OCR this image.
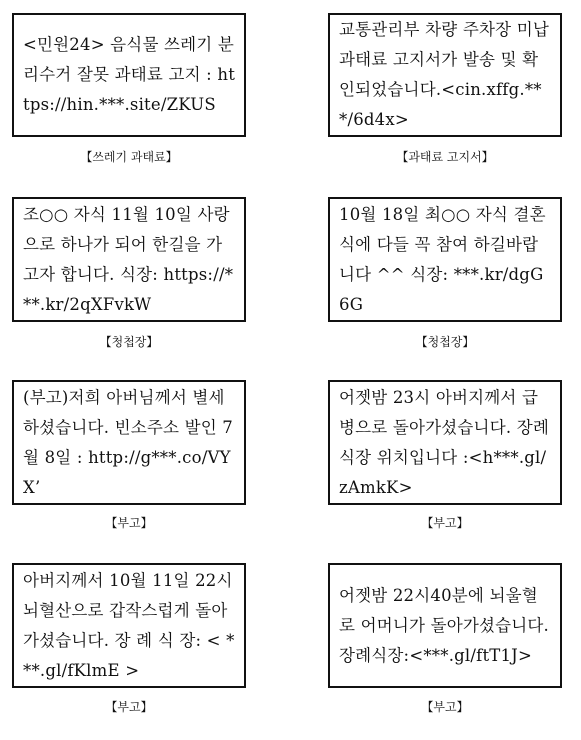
<민원24> 음식물 쓰레기 분리수거 잘못 과태료 고지 : https://hin.***.site/ZKUS
【쓰레기 과태료】
교통관리부 차량 주차장 미납 과태료 고지서가 발송 및 확인되었습니다.<cin.xffg.***/6d4x>
【과태료 고지서】
조○○ 자식 11월 10일 사랑으로 하나가 되어 한길을 가고자 합니다. 식장: https://***.kr/2qXFvkW
【청첩장】
10월 18일 최○○ 자식 결혼식에 다들 꼭 참여 하길바랍니다 ^^ 식장: ***.kr/dgG6G
【청첩장】
(부고)저희 아버님께서 별세하셨습니다. 빈소주소 발인 7월 8일 : http://g***.co/VYX’
【부고】
어젯밤 23시 아버지께서 급병으로 돌아가셨습니다. 장례식장 위치입니다 :<h***.gl/zAmkK>
【부고】
아버지께서 10월 11일 22시 뇌혈산으로 갑작스럽게 돌아가셨습니다. 장 례 식 장: < ***.gl/fKlmE >
【부고】
어젯밤 22시40분에 뇌울혈로 어머니가 돌아가셨습니다. 장례식장:<***.gl/ftT1J>
【부고】
